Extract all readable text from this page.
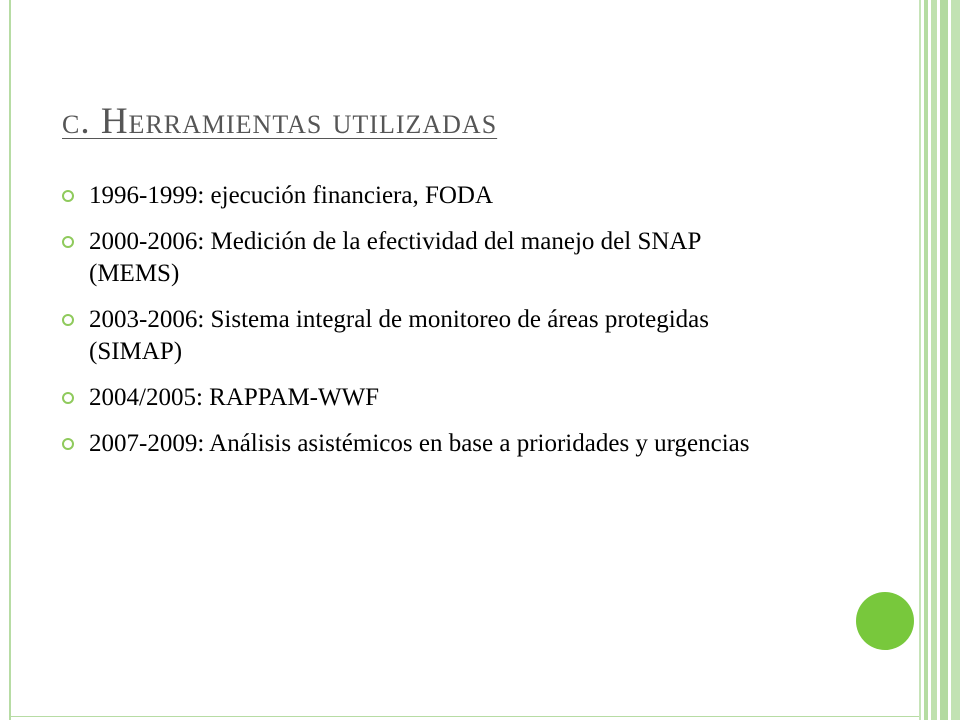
c. Herramientas utilizadas
1996-1999: ejecución financiera, FODA
2000-2006: Medición de la efectividad del manejo del SNAP (MEMS)
2003-2006: Sistema integral de monitoreo de áreas protegidas (SIMAP)
2004/2005: RAPPAM-WWF
2007-2009: Análisis asistémicos en base a prioridades y urgencias
